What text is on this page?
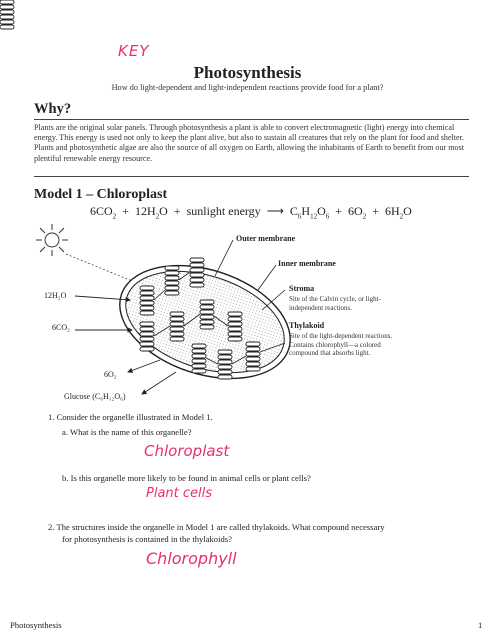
KEY
Photosynthesis
How do light-dependent and light-independent reactions provide food for a plant?
Why?
Plants are the original solar panels. Through photosynthesis a plant is able to convert electromagnetic (light) energy into chemical energy. This energy is used not only to keep the plant alive, but also to sustain all creatures that rely on the plant for food and shelter. Plants and photosynthetic algae are also the source of all oxygen on Earth, allowing the inhabitants of Earth to benefit from our most plentiful renewable energy resource.
Model 1 – Chloroplast
$6CO_2 + 12H_2O$ + sunlight energy ⟶ $C_6H_{12}O_6 + 6O_2 + 6H_2O$
Outer membrane
Inner membrane
Stroma
Site of the Calvin cycle, or light-
independent reactions.
Thylakoid
Site of the light-dependent reactions.
Contains chlorophyll—a colored
compound that absorbs light.
12H₂O
6CO₂
6O₂
Glucose (C₆H₁₂O₆)
1. Consider the organelle illustrated in Model 1.
a. What is the name of this organelle?
Chloroplast
b. Is this organelle more likely to be found in animal cells or plant cells?
Plant cells
2. The structures inside the organelle in Model 1 are called thylakoids. What compound necessary
for photosynthesis is contained in the thylakoids?
Chlorophyll
Photosynthesis	1
